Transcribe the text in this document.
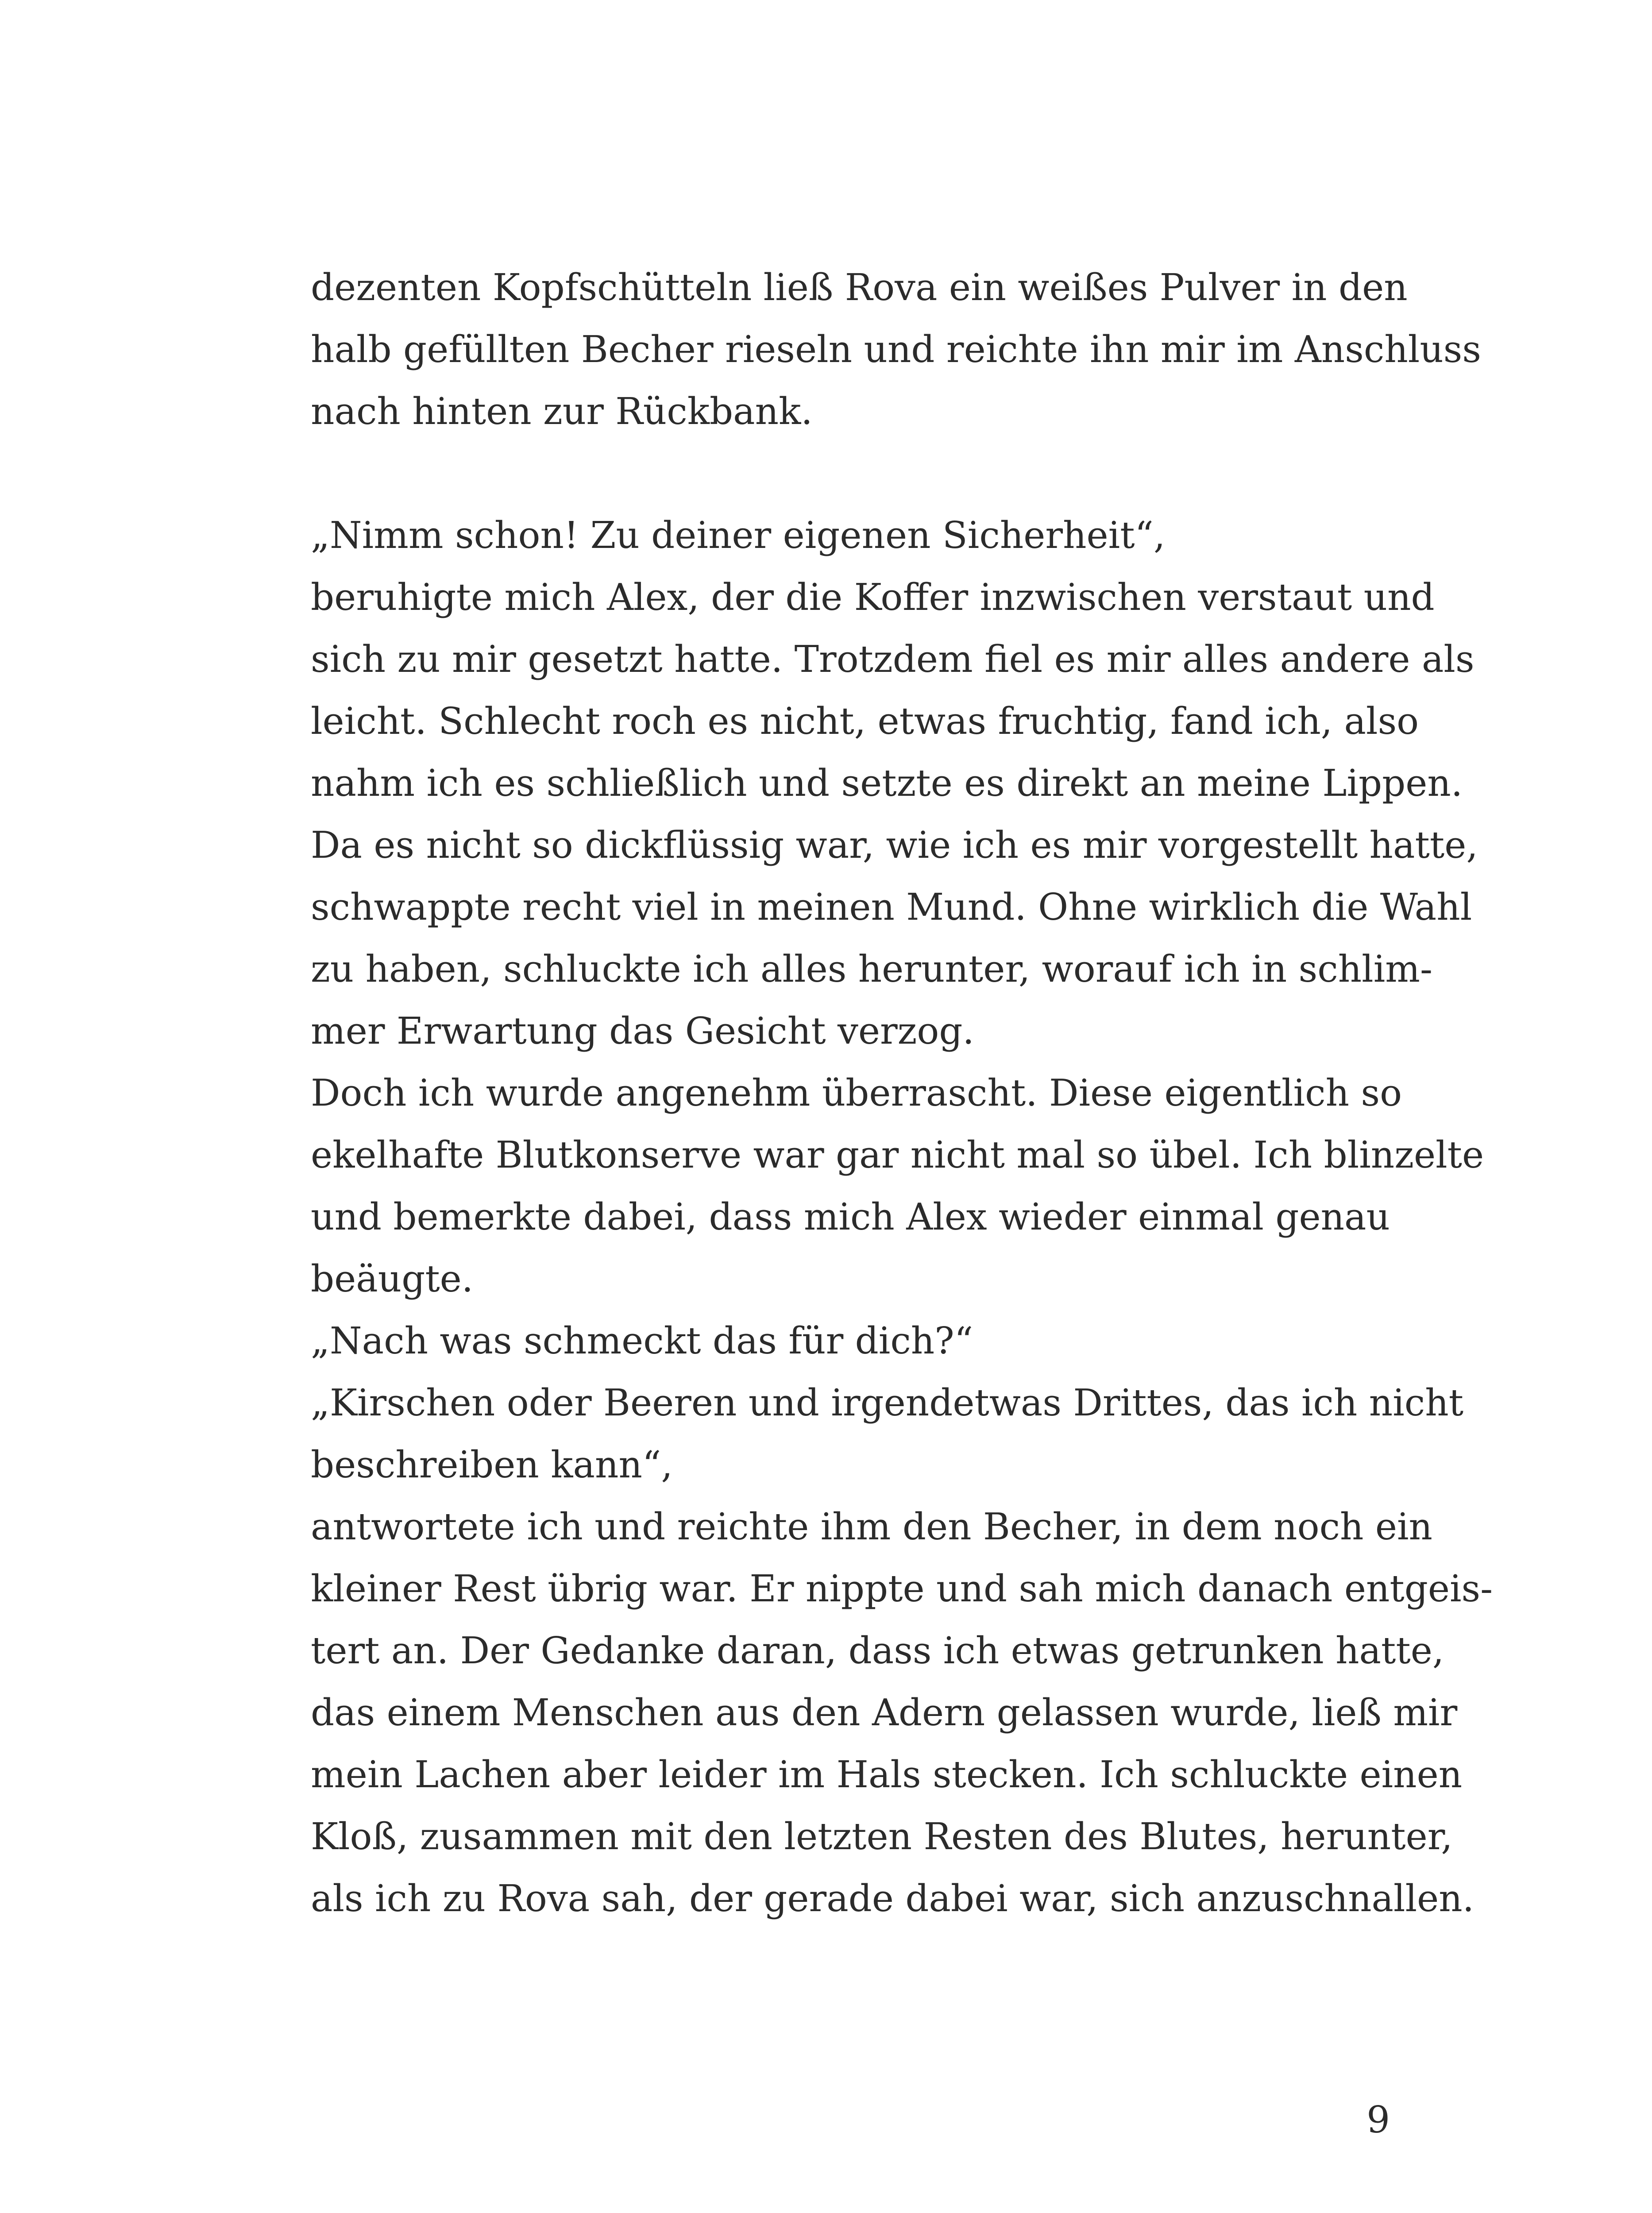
dezenten Kopfschütteln ließ Rova ein weißes Pulver in den
halb gefüllten Becher rieseln und reichte ihn mir im Anschluss
nach hinten zur Rückbank.
„Nimm schon! Zu deiner eigenen Sicherheit“,
beruhigte mich Alex, der die Koffer inzwischen verstaut und
sich zu mir gesetzt hatte. Trotzdem fiel es mir alles andere als
leicht. Schlecht roch es nicht, etwas fruchtig, fand ich, also
nahm ich es schließlich und setzte es direkt an meine Lippen.
Da es nicht so dickflüssig war, wie ich es mir vorgestellt hatte,
schwappte recht viel in meinen Mund. Ohne wirklich die Wahl
zu haben, schluckte ich alles herunter, worauf ich in schlim-
mer Erwartung das Gesicht verzog.
Doch ich wurde angenehm überrascht. Diese eigentlich so
ekelhafte Blutkonserve war gar nicht mal so übel. Ich blinzelte
und bemerkte dabei, dass mich Alex wieder einmal genau
beäugte.
„Nach was schmeckt das für dich?“
„Kirschen oder Beeren und irgendetwas Drittes, das ich nicht
beschreiben kann“,
antwortete ich und reichte ihm den Becher, in dem noch ein
kleiner Rest übrig war. Er nippte und sah mich danach entgeis-
tert an. Der Gedanke daran, dass ich etwas getrunken hatte,
das einem Menschen aus den Adern gelassen wurde, ließ mir
mein Lachen aber leider im Hals stecken. Ich schluckte einen
Kloß, zusammen mit den letzten Resten des Blutes, herunter,
als ich zu Rova sah, der gerade dabei war, sich anzuschnallen.
9
